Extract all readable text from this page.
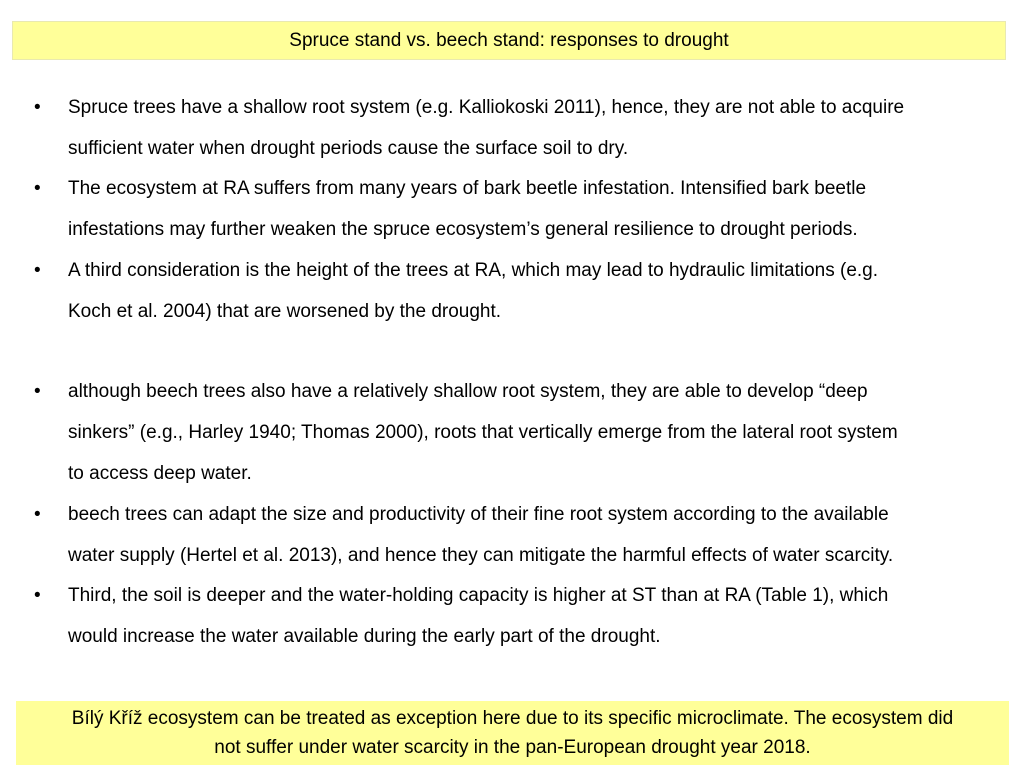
Spruce stand vs. beech stand: responses to drought
• Spruce trees have a shallow root system (e.g. Kalliokoski 2011), hence, they are not able to acquire
sufficient water when drought periods cause the surface soil to dry.
• The ecosystem at RA suffers from many years of bark beetle infestation. Intensified bark beetle
infestations may further weaken the spruce ecosystem’s general resilience to drought periods.
• A third consideration is the height of the trees at RA, which may lead to hydraulic limitations (e.g.
Koch et al. 2004) that are worsened by the drought.
• although beech trees also have a relatively shallow root system, they are able to develop “deep
sinkers” (e.g., Harley 1940; Thomas 2000), roots that vertically emerge from the lateral root system
to access deep water.
• beech trees can adapt the size and productivity of their fine root system according to the available
water supply (Hertel et al. 2013), and hence they can mitigate the harmful effects of water scarcity.
• Third, the soil is deeper and the water-holding capacity is higher at ST than at RA (Table 1), which
would increase the water available during the early part of the drought.
Bílý Kříž ecosystem can be treated as exception here due to its specific microclimate. The ecosystem did
not suffer under water scarcity in the pan-European drought year 2018.
